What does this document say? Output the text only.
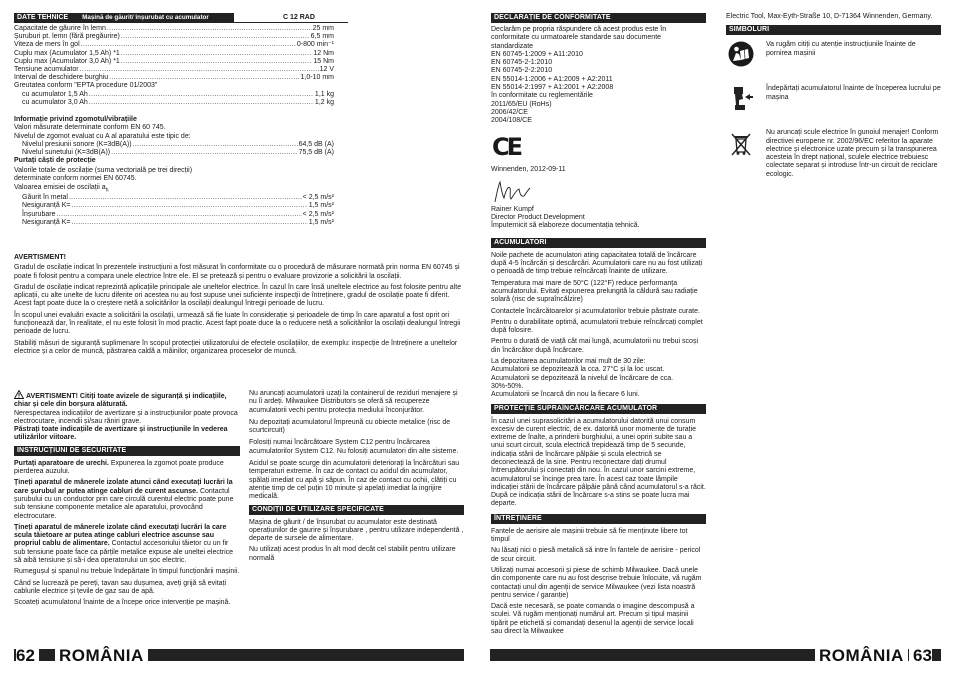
DATE TEHNICE Mașină de găurit/ înșurubat cu acumulator	C 12 RAD
Capacitate de găurire în lemn .....	25 mm
Șuruburi pt. lemn (fără pregăurire) .....	6,5 mm
Viteza de mers în gol .....	0-800 min⁻¹
Cuplu max (Acumulator 1,5 Ah) *1 .....	12 Nm
Cuplu max (Acumulator 3,0 Ah) *1 .....	15 Nm
Tensiune acumulator .....	12 V
Interval de deschidere burghiu .....	1,0-10 mm
Greutatea conform "EPTA procedure 01/2003"
cu acumulator 1,5 Ah .....	1,1 kg
cu acumulator 3,0 Ah .....	1,2 kg
Informație privind zgomotul/vibrațiile
Valori măsurate determinate conform EN 60 745.
Nivelul de zgomot evaluat cu A al aparatului este tipic de:
Nivelul presiunii sonore (K=3dB(A)) .....	64,5 dB (A)
Nivelul sunetului (K=3dB(A)) .....	75,5 dB (A)
Purtați căști de protecție
Valorile totale de oscilație (suma vectorială pe trei direcții)
determinate conform normei EN 60745.
Valoarea emisiei de oscilații $a_h$
Găurit în metal .....	< 2,5 m/s²
Nesiguranță K= .....	1,5 m/s²
Înșurubare .....	< 2,5 m/s²
Nesiguranță K= .....	1,5 m/s²
AVERTISMENT!
Gradul de oscilație indicat în prezentele instrucțiuni a fost măsurat în conformitate cu o procedură de măsurare normată prin norma EN 60745 și poate fi folosit pentru a compara unele electrice între ele. El se pretează și pentru o evaluare provizorie a solicitării la oscilații.
Gradul de oscilație indicat reprezintă aplicațiile principale ale uneltelor electrice. În cazul în care însă uneltele electrice au fost folosite pentru alte aplicații, cu alte unelte de lucru diferite ori acestea nu au fost supuse unei suficiente inspecții de întreținere, gradul de oscilație poate fi diferit. Acest fapt poate duce la o creștere netă a solicitărilor la oscilații dealungul întregii perioade de lucru.
În scopul unei evaluări exacte a solicitării la oscilații, urmează să fie luate în considerație și perioadele de timp în care aparatul a fost oprit ori funcționează dar, în realitate, el nu este folosit în mod practic. Acest fapt poate duce la o reducere netă a solicitărilor la oscilații dealungul întregii perioade de lucru.
Stabiliți măsuri de siguranță suplimenare în scopul protecției utilizatorului de efectele oscilațiilor, de exemplu: inspecție de întreținere a uneltelor electrice și a celor de muncă, păstrarea caldă a mâinilor, organizarea proceselor de muncă.
AVERTISMENT! Citiți toate avizele de siguranță și indicațiile, chiar și cele din borșura alăturată.
Nerespectarea indicațiilor de avertizare și a instrucțiunilor poate provoca electrocutare, incendii și/sau răniri grave.
Păstrați toate indicațiile de avertizare și instrucțiunile în vederea utilizărilor viitoare.
INSTRUCȚIUNI DE SECURITATE
Purtați aparatoare de urechi. Expunerea la zgomot poate produce pierderea auzului.
Țineți aparatul de mânerele izolate atunci când executați lucrări la care șurubul ar putea atinge cabluri de curent ascunse. Contactul șurubului cu un conductor prin care circulă curentul electric poate pune sub tensiune componente metalice ale aparatului, provocând electrocutare.
Țineți aparatul de mânerele izolate când executați lucrări la care scula tăietoare ar putea atinge cabluri electrice ascunse sau propriul cablu de alimentare. Contactul accesoriului tăietor cu un fir sub tensiune poate face ca părțile metalice expuse ale uneltei electrice să aibă tensiune și să-i dea operatorului un șoc electric.
Rumegușul și spanul nu trebuie îndepărtate în timpul funcționării mașinii.
Când se lucrează pe pereți, tavan sau dușumea, aveți grijă să evitați cablurile electrice și țevile de gaz sau de apă.
Scoateți acumulatorul înainte de a începe orice intervenție pe mașină.
Nu aruncați acumulatorii uzați la containerul de reziduri menajere și nu îi ardeți. Milwaukee Distributors se oferă să recupereze acumulatorii vechi pentru protecția mediului înconjurător.
Nu depozitați acumulatorul împreună cu obiecte metalice (risc de scurtcircuit)
Folosiți numai încărcătoare System C12 pentru încărcarea acumulatorilor System C12. Nu folosiți acumulatori din alte sisteme.
Acidul se poate scurge din acumulatorii deteriorați la încărcături sau temperaturi extreme. În caz de contact cu acidul din acumulator, spălați imediat cu apă și săpun. În caz de contact cu ochii, clătiți cu atenție timp de cel puțin 10 minute și apelați imediat la ingrijire medicală.
CONDIȚII DE UTILIZARE SPECIFICATE
Mașina de găurit / de înșurubat cu acumulator este destinată operațiunilor de gaurire și înșurubare , pentru utilizare independentă , departe de sursele de alimentare.
Nu utilizați acest produs în alt mod decât cel stabilit pentru utilizare normală
62 ROMÂNIA
DECLARAȚIE DE CONFORMITATE
Declarăm pe propria răspundere că acest produs este în
conformitate cu urmatoarele standarde sau documente
standardizate
EN 60745-1:2009 + A11:2010
EN 60745-2-1:2010
EN 60745-2-2:2010
EN 55014-1:2006 + A1:2009 + A2:2011
EN 55014-2:1997 + A1:2001 + A2:2008
în conformitate cu reglementările
2011/65/EU (RoHs)
2006/42/CE
2004/108/CE
CE
Winnenden, 2012-09-11
Rainer Kumpf
Director Product Development
Împuternicit să elaboreze documentația tehnică.
ACUMULATORI
Noile pachete de acumulatori ating capacitatea totală de încărcare după 4-5 încărcări și descărcări. Acumulatorii care nu au fost utilizați o perioadă de timp trebuie reîncărcați înainte de utilizare.
Temperatura mai mare de 50°C (122°F) reduce performanța acumulatorului. Evitați expunerea prelungită la căldură sau radiație solară (risc de supraîncălzire)
Contactele încărcătoarelor și acumulatorilor trebuie păstrate curate.
Pentru o durabilitate optimă, acumulatorii trebuie reîncărcați complet după folosire.
Pentru o durată de viață cât mai lungă, acumulatorii nu trebui scoși din încărcător după încărcare.
La depozitarea acumulatorilor mai mult de 30 zile:
Acumulatorii se depozitează la cca. 27°C și la loc uscat.
Acumulatorii se depozitează la nivelul de încărcare de cca. 30%-50%.
Acumulatorii se încarcă din nou la fiecare 6 luni.
PROTECȚIE SUPRAÎNCĂRCARE ACUMULATOR
În cazul unei suprasolicitări a acumulatorului datorită unui consum excesiv de curent electric, de ex. datorită unor momente de turație extreme de înalte, a prinderii burghiului, a unei opriri subite sau a unui scurt circuit, scula electrică trepidează timp de 5 secunde, indicația stării de încărcare pâlpâie și scula electrică se deconectează de la sine. Pentru reconectare dați drumul întrerupătorului și conectați din nou. În cazul unor sarcini extreme, acumulatorul se încinge prea tare. În acest caz toate lămpile indicației stării de încărcare pâlpâie până când acumulatorul s-a răcit. După ce indicația stării de încărcare s-a stins se poate lucra mai departe.
ÎNTREȚINERE
Fantele de aerisire ale mașinii trebuie să fie menținute libere tot timpul
Nu lăsați nici o piesă metalică să intre în fantele de aerisire - pericol de scur circuit.
Utilizați numai accesorii și piese de schimb Milwaukee. Dacă unele din componente care nu au fost descrise trebuie înlocuite, vă rugăm contactați unul din agenții de service Milwaukee (vezi lista noastră pentru service / garanție)
Dacă este necesară, se poate comanda o imagine descompusă a sculei. Vă rugăm menționați numărul art. Precum și tipul mașinii tipărit pe etichetă și comandați desenul la agenții de service locali sau direct la Milwaukee
Electric Tool, Max-Eyth-Straße 10, D-71364 Winnenden, Germany.
SIMBOLURI
Va rugăm citiți cu atenție instrucțiunile înainte de pornirea mașinii
Îndepărtați acumulatorul înainte de începerea lucrului pe mașina
Nu aruncați scule electrice în gunoiul menajer! Conform directivei europene nr. 2002/96/EC referitor la aparate electrice și electronice uzate precum și la transpunerea acesteia în drept național, sculele electrice trebuiesc colectate separat și introduse într-un circuit de reciclare ecologic.
ROMÂNIA 63
